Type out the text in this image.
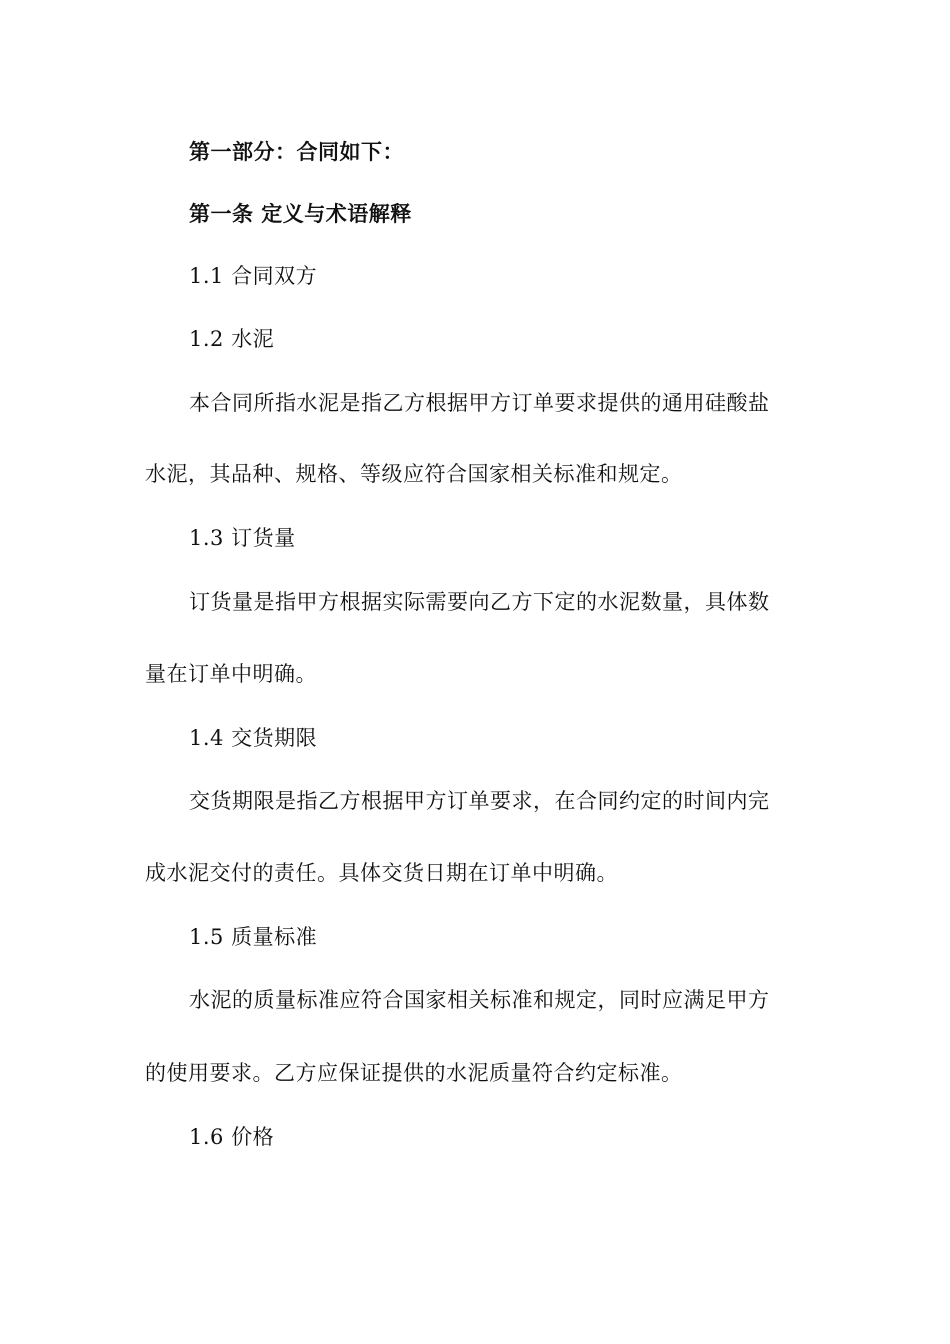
第一部分：合同如下：
第一条 定义与术语解释
1.1 合同双方
1.2 水泥
本合同所指水泥是指乙方根据甲方订单要求提供的通用硅酸盐
水泥，其品种、规格、等级应符合国家相关标准和规定。
1.3 订货量
订货量是指甲方根据实际需要向乙方下定的水泥数量，具体数
量在订单中明确。
1.4 交货期限
交货期限是指乙方根据甲方订单要求，在合同约定的时间内完
成水泥交付的责任。具体交货日期在订单中明确。
1.5 质量标准
水泥的质量标准应符合国家相关标准和规定，同时应满足甲方
的使用要求。乙方应保证提供的水泥质量符合约定标准。
1.6 价格
